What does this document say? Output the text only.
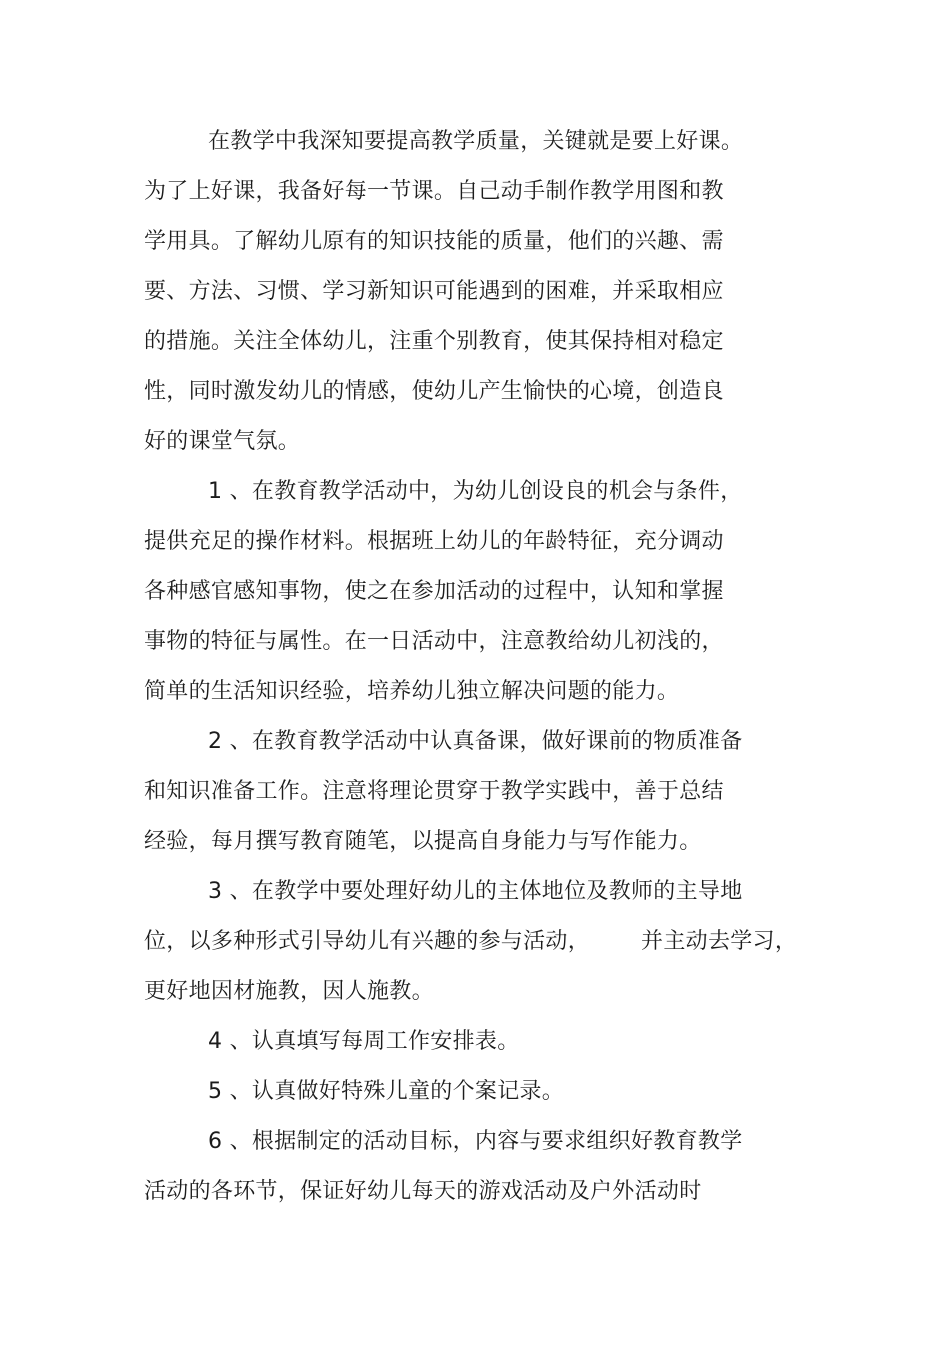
在教学中我深知要提高教学质量，关键就是要上好课。
为了上好课，我备好每一节课。自己动手制作教学用图和教
学用具。了解幼儿原有的知识技能的质量，他们的兴趣、需
要、方法、习惯、学习新知识可能遇到的困难，并采取相应
的措施。关注全体幼儿，注重个别教育，使其保持相对稳定
性，同时激发幼儿的情感，使幼儿产生愉快的心境，创造良
好的课堂气氛。
1 、在教育教学活动中，为幼儿创设良的机会与条件，
提供充足的操作材料。根据班上幼儿的年龄特征，充分调动
各种感官感知事物，使之在参加活动的过程中，认知和掌握
事物的特征与属性。在一日活动中，注意教给幼儿初浅的，
简单的生活知识经验，培养幼儿独立解决问题的能力。
2 、在教育教学活动中认真备课，做好课前的物质准备
和知识准备工作。注意将理论贯穿于教学实践中，善于总结
经验，每月撰写教育随笔，以提高自身能力与写作能力。
3 、在教学中要处理好幼儿的主体地位及教师的主导地
位，以多种形式引导幼儿有兴趣的参与活动，       并主动去学习，
更好地因材施教，因人施教。
4 、认真填写每周工作安排表。
5 、认真做好特殊儿童的个案记录。
6 、根据制定的活动目标，内容与要求组织好教育教学
活动的各环节，保证好幼儿每天的游戏活动及户外活动时
